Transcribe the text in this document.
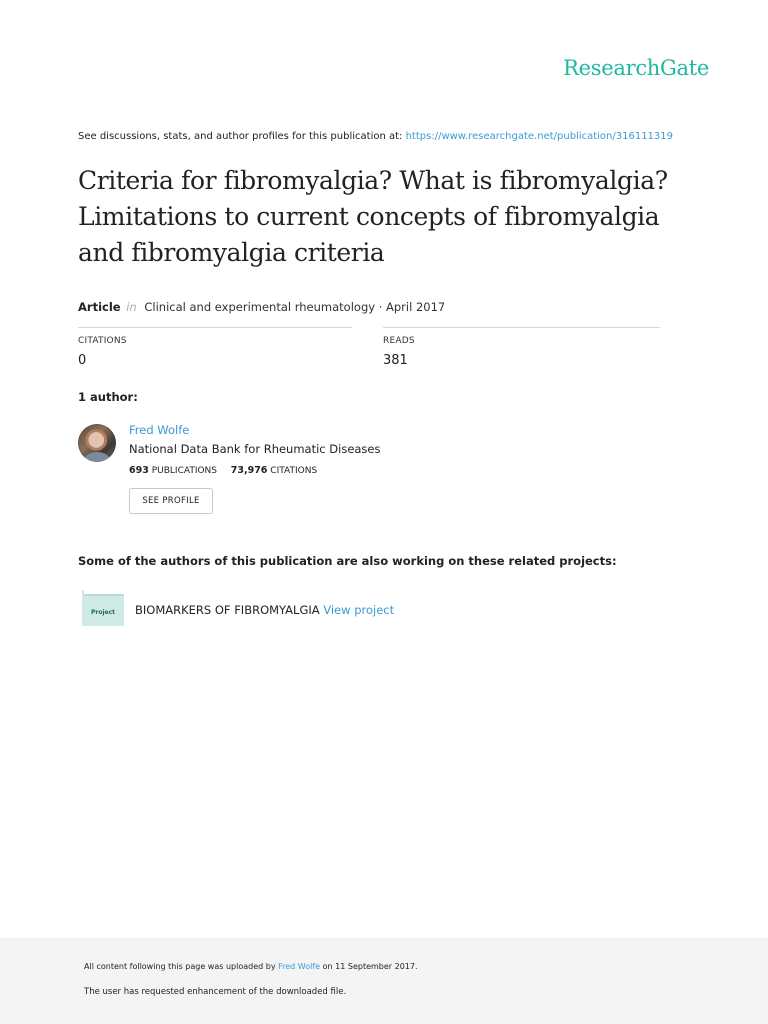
ResearchGate
See discussions, stats, and author profiles for this publication at: https://www.researchgate.net/publication/316111319
Criteria for fibromyalgia? What is fibromyalgia?
Limitations to current concepts of fibromyalgia
and fibromyalgia criteria
Article in Clinical and experimental rheumatology · April 2017
CITATIONS
0
READS
381
1 author:
Fred Wolfe
National Data Bank for Rheumatic Diseases
693 PUBLICATIONS 73,976 CITATIONS
SEE PROFILE
Some of the authors of this publication are also working on these related projects:
Project	BIOMARKERS OF FIBROMYALGIA View project
All content following this page was uploaded by Fred Wolfe on 11 September 2017.
The user has requested enhancement of the downloaded file.
